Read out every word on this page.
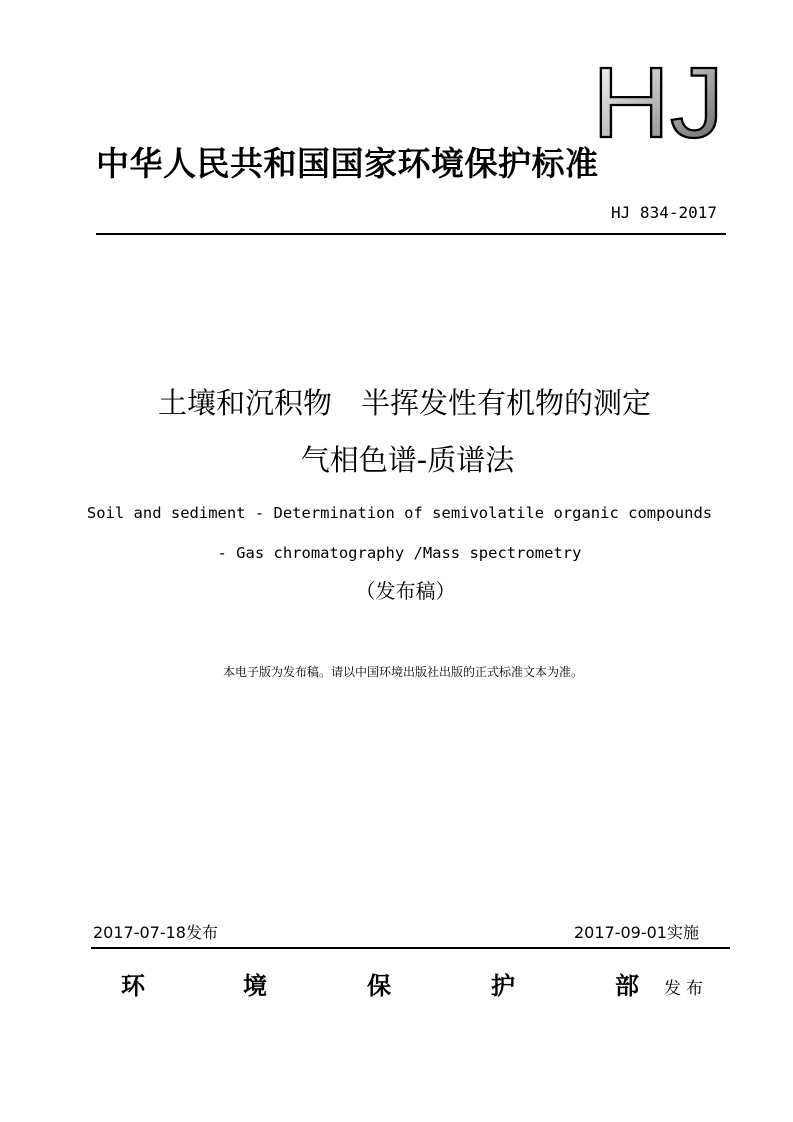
HJ
中华人民共和国国家环境保护标准
HJ 834-2017
土壤和沉积物　半挥发性有机物的测定
气相色谱-质谱法
Soil and sediment - Determination of semivolatile organic compounds
- Gas chromatography /Mass spectrometry
（发布稿）
本电子版为发布稿。请以中国环境出版社出版的正式标准文本为准。
2017-07-18发布	2017-09-01实施
环	境	保	护	部 发布
